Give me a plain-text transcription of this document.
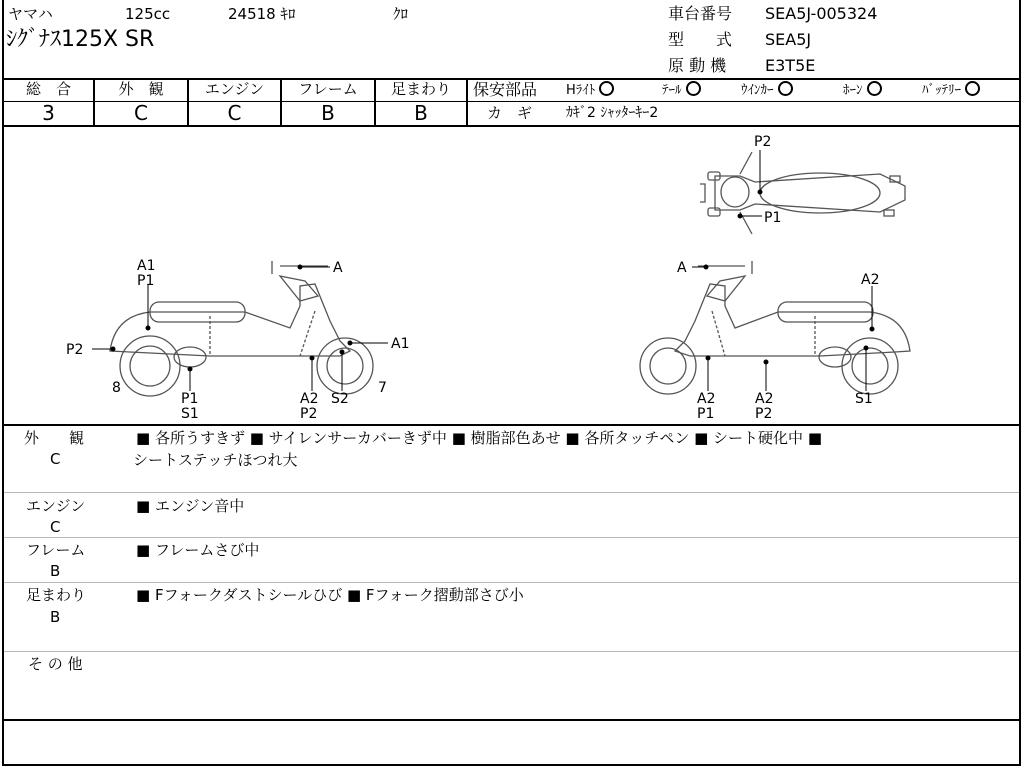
ヤマハ	125cc	24518 ｷﾛ	ｸﾛ
ｼｸﾞﾅｽ125X SR
車台番号 SEA5J-005324
型　　式 SEA5J
原 動 機 E3T5E
総　合	外　観	エンジン	フレーム	足まわり
3	C	C	B	B
保安部品 Hﾗｲﾄ	ﾃｰﾙ	ｳｲﾝｶｰ	ﾎｰﾝ	ﾊﾞｯﾃﾘｰ
カ　ギ ｶｷﾞ2 ｼｬｯﾀｰｷｰ2
P2
P1
A1
P1
A
P2	A1
8
P1
S1
A2
P2
S2
7
A
A2
A2
P1
A2
P2
S1
外　　観
C
■ 各所うすきず ■ サイレンサーカバーきず中 ■ 樹脂部色あせ ■ 各所タッチペン ■ シート硬化中 ■
シートステッチほつれ大
エンジン
C
■ エンジン音中
フレーム
B
■ フレームさび中
足まわり
B
■ Fフォークダストシールひび ■ Fフォーク摺動部さび小
そ の 他
